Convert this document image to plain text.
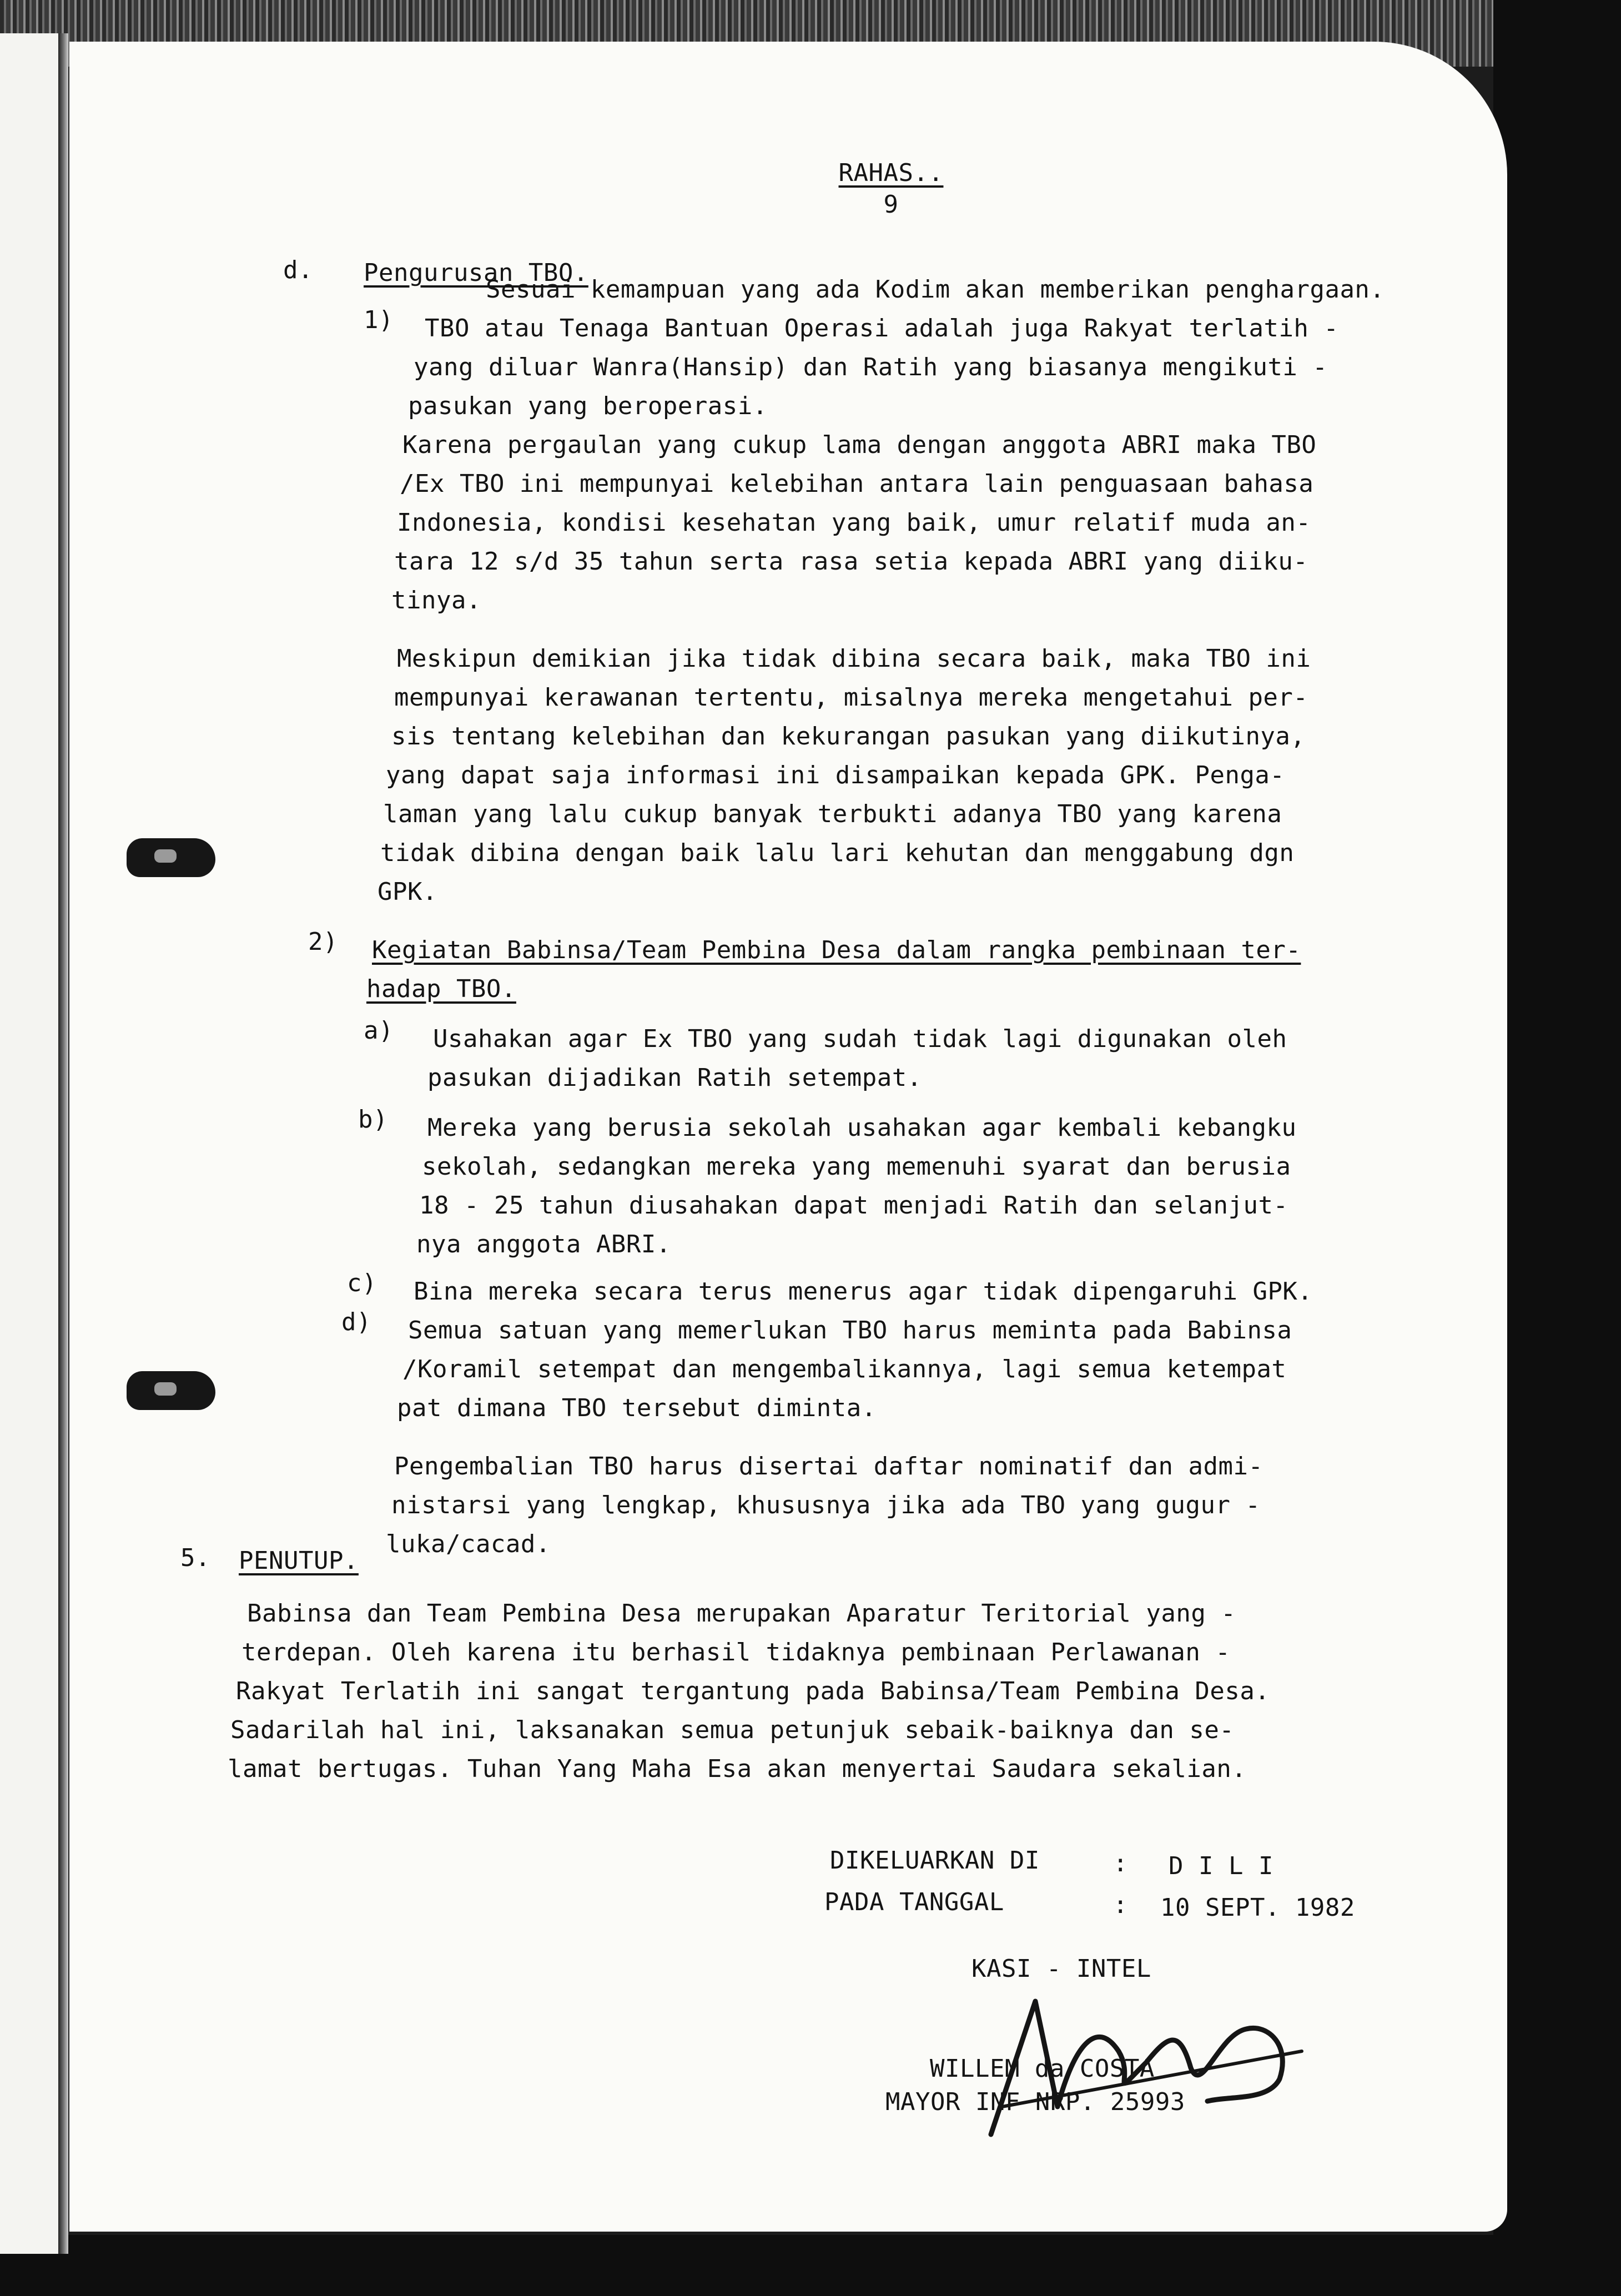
RAHAS..
9
Sesuai kemampuan yang ada Kodim akan memberikan penghargaan.
d. Pengurusan TBO.
1) TBO atau Tenaga Bantuan Operasi adalah juga Rakyat terlatih -
yang diluar Wanra(Hansip) dan Ratih yang biasanya mengikuti -
pasukan yang beroperasi.
Karena pergaulan yang cukup lama dengan anggota ABRI maka TBO
/Ex TBO ini mempunyai kelebihan antara lain penguasaan bahasa
Indonesia, kondisi kesehatan yang baik, umur relatif muda an-
tara 12 s/d 35 tahun serta rasa setia kepada ABRI yang diiku-
tinya.
Meskipun demikian jika tidak dibina secara baik, maka TBO ini
mempunyai kerawanan tertentu, misalnya mereka mengetahui per-
sis tentang kelebihan dan kekurangan pasukan yang diikutinya,
yang dapat saja informasi ini disampaikan kepada GPK. Penga-
laman yang lalu cukup banyak terbukti adanya TBO yang karena
tidak dibina dengan baik lalu lari kehutan dan menggabung dgn
GPK.
2) Kegiatan Babinsa/Team Pembina Desa dalam rangka pembinaan ter-
hadap TBO.
a) Usahakan agar Ex TBO yang sudah tidak lagi digunakan oleh
pasukan dijadikan Ratih setempat.
b) Mereka yang berusia sekolah usahakan agar kembali kebangku
sekolah, sedangkan mereka yang memenuhi syarat dan berusia
18 - 25 tahun diusahakan dapat menjadi Ratih dan selanjut-
nya anggota ABRI.
c) Bina mereka secara terus menerus agar tidak dipengaruhi GPK.
d) Semua satuan yang memerlukan TBO harus meminta pada Babinsa
/Koramil setempat dan mengembalikannya, lagi semua ketempat
pat dimana TBO tersebut diminta.
Pengembalian TBO harus disertai daftar nominatif dan admi-
nistarsi yang lengkap, khususnya jika ada TBO yang gugur -
luka/cacad.
5. PENUTUP.
Babinsa dan Team Pembina Desa merupakan Aparatur Teritorial yang -
terdepan. Oleh karena itu berhasil tidaknya pembinaan Perlawanan -
Rakyat Terlatih ini sangat tergantung pada Babinsa/Team Pembina Desa.
Sadarilah hal ini, laksanakan semua petunjuk sebaik-baiknya dan se-
lamat bertugas. Tuhan Yang Maha Esa akan menyertai Saudara sekalian.
DIKELUARKAN DI	: D I L I
PADA TANGGAL	: 10 SEPT. 1982
KASI - INTEL
WILLEM da COSTA
MAYOR INF NRP. 25993
